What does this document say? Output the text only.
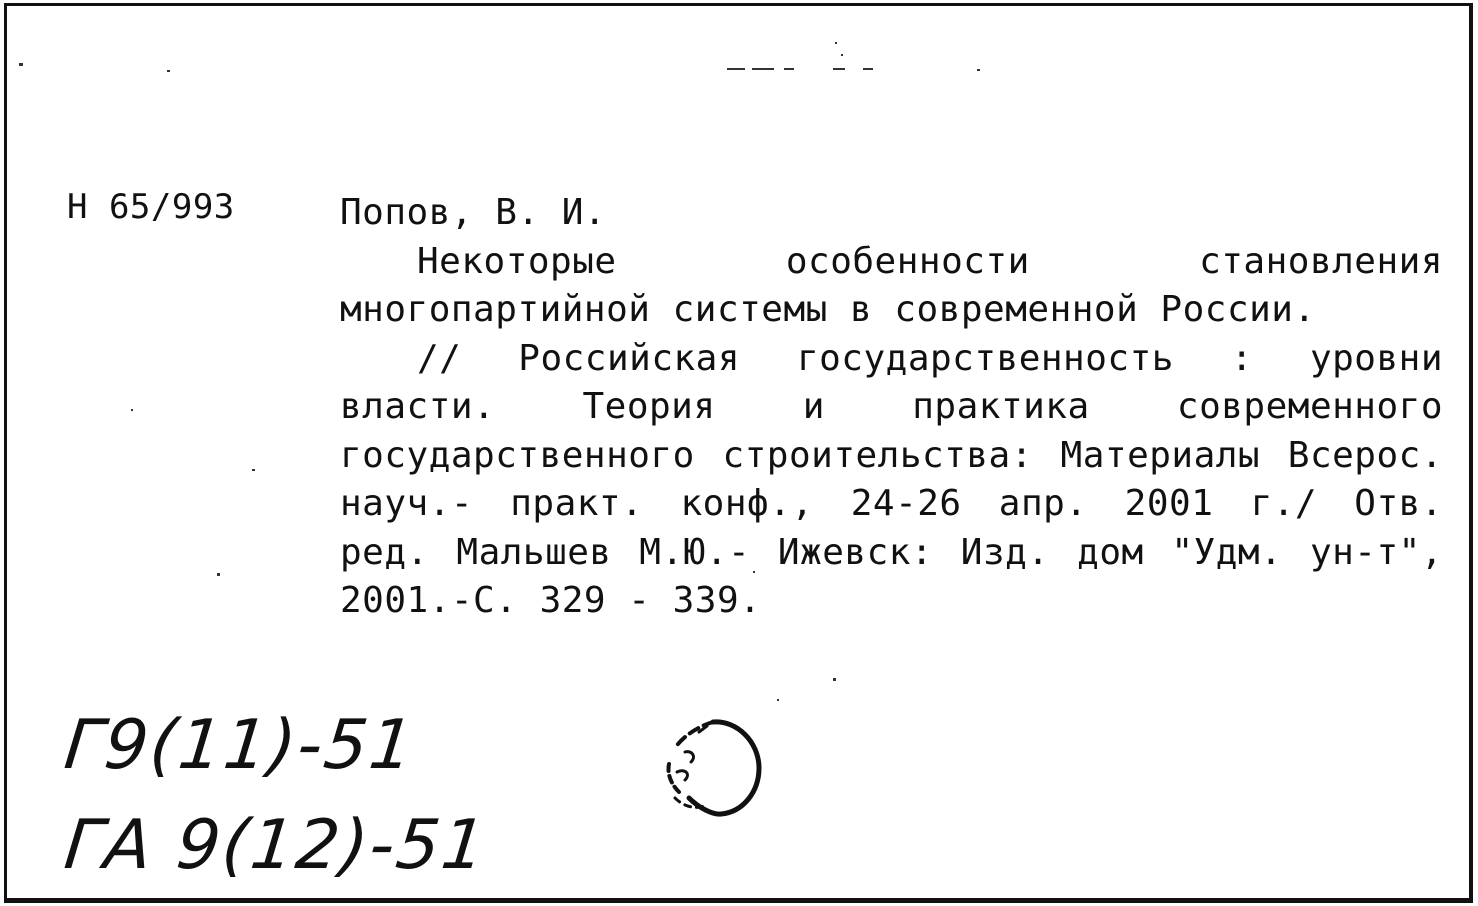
Н 65/993	Попов, В. И.

Некоторые особенности становления многопартийной системы в современной России.

// Российская государственность : уровни власти. Теория и практика современного государственного строительства: Материалы Всерос. науч.- практ. конф., 24-26 апр. 2001 г./ Отв. ред. Мальшев М.Ю.- Ижевск: Изд. дом "Удм. ун-т", 2001.-С. 329 - 339.

Г9(11)-51
ГА 9(12)-51
